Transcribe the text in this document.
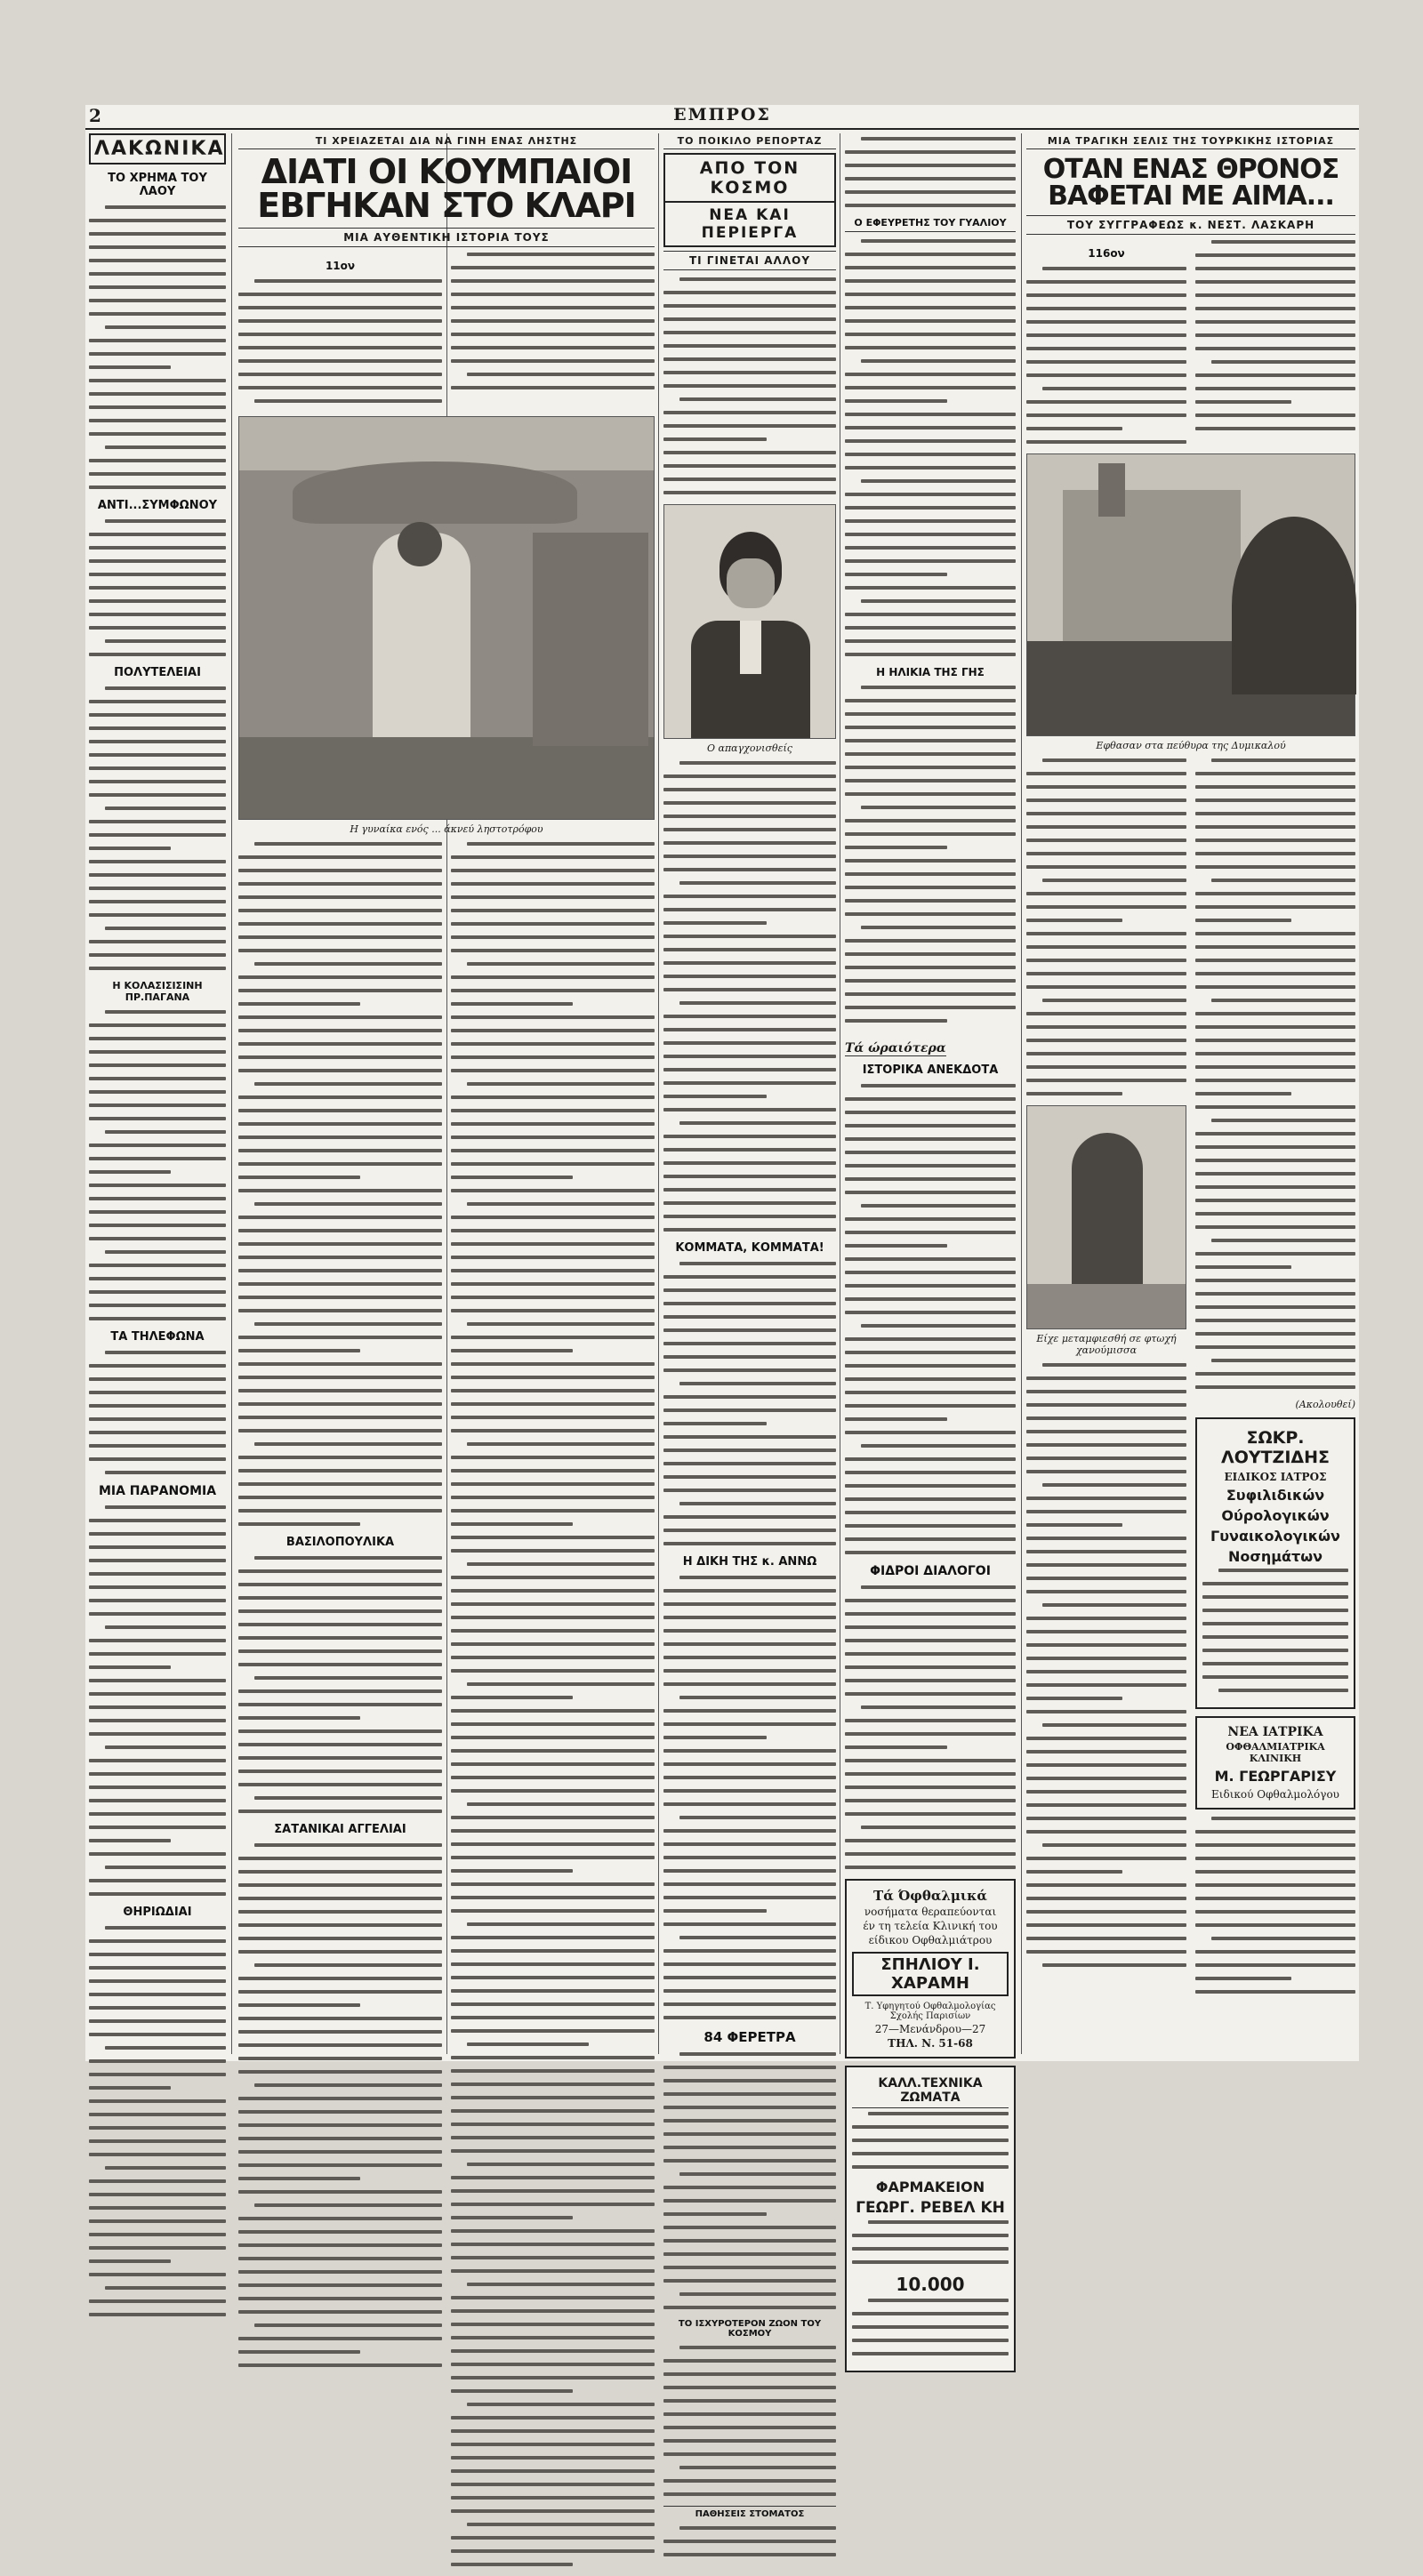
2	ΕΜΠΡΟΣ
ΛΑΚΩΝΙΚΑ
ΤΟ ΧΡΗΜΑ ΤΟΥ ΛΑΟΥ
ΑΝΤΙ...ΣΥΜΦΩΝΟΥ
ΠΟΛΥΤΕΛΕΙΑΙ
Η ΚΟΛΑΣΙΣΙΣΙΝΗ ΠΡ.ΠΑΓΑΝΑ
ΤΑ ΤΗΛΕΦΩΝΑ
ΜΙΑ ΠΑΡΑΝΟΜΙΑ
ΘΗΡΙΩΔΙΑΙ
ΤΙ ΧΡΕΙΑΖΕΤΑΙ ΔΙΑ ΝΑ ΓΙΝΗ ΕΝΑΣ ΛΗΣΤΗΣ
ΔΙΑΤΙ ΟΙ ΚΟΥΜΠΑΙΟΙ
ΕΒΓΗΚΑΝ ΣΤΟ ΚΛΑΡΙ
ΜΙΑ ΑΥΘΕΝΤΙΚΗ ΙΣΤΟΡΙΑ ΤΟΥΣ
11ον
Η γυναίκα ενός ... άκνεύ ληστοτρόφου
ΒΑΣΙΛΟΠΟΥΛΙΚΑ
ΣΑΤΑΝΙΚΑΙ ΑΓΓΕΛΙΑΙ
ΤΟ ΠΟΙΚΙΛΟ ΡΕΠΟΡΤΑΖ
ΑΠΟ ΤΟΝ ΚΟΣΜΟ
ΝΕΑ ΚΑΙ ΠΕΡΙΕΡΓΑ
ΤΙ ΓΙΝΕΤΑΙ ΑΛΛΟΥ
Ο απαγχονισθείς
ΚΟΜΜΑΤΑ, ΚΟΜΜΑΤΑ!
Η ΔΙΚΗ ΤΗΣ κ. ΑΝΝΩ
84 ΦΕΡΕΤΡΑ
ΤΟ ΙΣΧΥΡΟΤΕΡΟΝ ΖΩΟΝ ΤΟΥ ΚΟΣΜΟΥ
ΠΑΘΗΣΕΙΣ ΣΤΟΜΑΤΟΣ
Ο ΕΦΕΥΡΕΤΗΣ ΤΟΥ ΓΥΑΛΙΟΥ
Η ΗΛΙΚΙΑ ΤΗΣ ΓΗΣ
Τά ώραιότερα
ΙΣΤΟΡΙΚΑ ΑΝΕΚΔΟΤΑ
ΦΙΔΡΟΙ ΔΙΑΛΟΓΟΙ
Τά Όφθαλμικά
νοσήματα θεραπεύονται
έν τη τελεία Κλινική του
είδικου Οφθαλμιάτρου
ΣΠΗΛΙΟΥ Ι. ΧΑΡΑΜΗ
Τ. Υφηγητού Οφθαλμολογίας Σχολής Παρισίων
27—Μενάνδρου—27
ΤΗΛ. Ν. 51-68
ΚΑΛΛ.ΤΕΧΝΙΚΑ ΖΩΜΑΤΑ
ΦΑΡΜΑΚΕΙΟΝ
ΓΕΩΡΓ. ΡΕΒΕΛ ΚΗ
10.000
ΜΙΑ ΤΡΑΓΙΚΗ ΣΕΛΙΣ ΤΗΣ ΤΟΥΡΚΙΚΗΣ ΙΣΤΟΡΙΑΣ
ΟΤΑΝ ΕΝΑΣ ΘΡΟΝΟΣ
ΒΑΦΕΤΑΙ ΜΕ ΑΙΜΑ...
ΤΟΥ ΣΥΓΓΡΑΦΕΩΣ κ. ΝΕΣΤ. ΛΑΣΚΑΡΗ
116ον
Εφθασαν στα πεύθυρα της Δυμικαλού
Είχε μεταμφιεσθή σε φτωχή χανούμισσα
(Ακολουθεί)
ΣΩΚΡ. ΛΟΥΤΖΙΔΗΣ
ΕΙΔΙΚΟΣ ΙΑΤΡΟΣ
Συφιλιδικών
Ούρολογικών
Γυναικολογικών
Νοσημάτων
ΝΕΑ ΙΑΤΡΙΚΑ
ΟΦΘΑΛΜΙΑΤΡΙΚΑ ΚΛΙΝΙΚΗ
Μ. ΓΕΩΡΓΑΡΙΣΥ
Ειδικού Οφθαλμολόγου
